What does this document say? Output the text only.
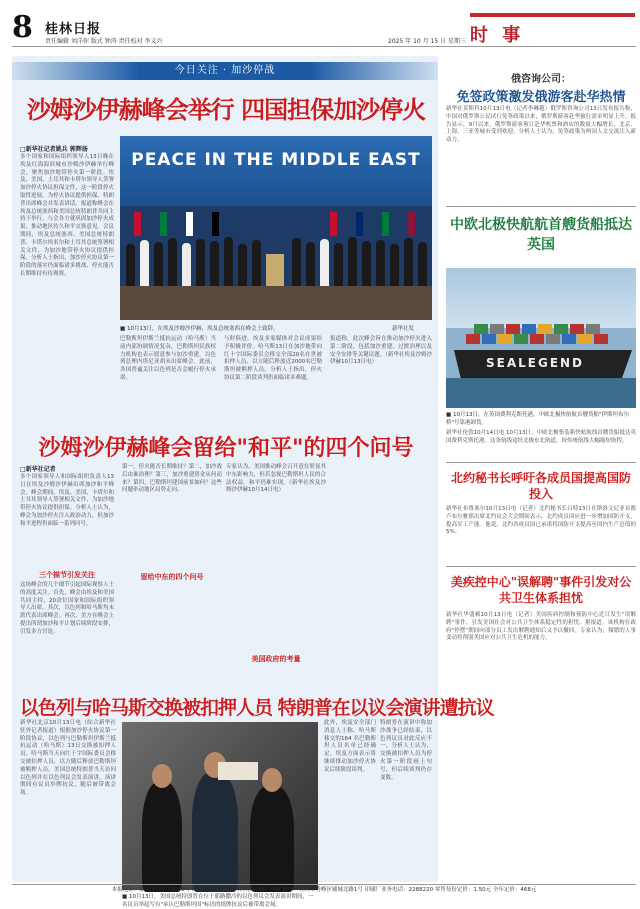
8 桂林日报
责任编辑 刘洋你 版式 钟涛 责任校对 李义兴	2025 年 10 月 15 日 星期三 时 事
今日关注 · 加沙停战
沙姆沙伊赫峰会举行 四国担保加沙停火
□新华社记者姚兵 郭辉扬
多个国家和国际组织领导人13日晚在埃及红海海滨城市沙姆沙伊赫举行峰会，聚焦加沙地带停火第一阶段。埃及、美国、土耳其和卡塔尔领导人签署加沙停火协议担保文件，这一阶段停火取得进展，为停火协议提供担保。特朗普出席峰会并发表讲话。报道称峰会在埃及总统塞西和美国总统特朗普共同主持下举行，与会各方就巩固加沙停火成果、推动地区持久和平交换意见。会议期间，埃及总统塞西、美国总统特朗普、卡塔尔埃米尔和土耳其总统签署相关文件，为加沙地带停火协议提供担保。分析人士指出，加沙停火协议第一阶段的落实仍面临诸多挑战，停火能否长期维持有待观察。
PEACE IN THE MIDDLE EAST
■ 10月13日，在埃及沙姆沙伊赫，埃及总统塞西在峰会上致辞。	新华社发
巴勒斯坦伊斯兰抵抗运动（哈马斯）当前内部协调情况复杂，巴勒斯坦民族权力机构也表示愿意参与加沙重建。以色列总理内塔尼亚胡未出席峰会。此前，各国普遍关注以色列是否会履行停火承诺。
与时俱进，埃及多家媒体对会议成果给予积极评价。哈马斯13日在加沙地带向红十字国际委员会移交全部20名在世被扣押人员，以方随后释放近2000名巴勒斯坦被羁押人员。分析人士指出，停火协议第二阶段谈判仍面临诸多难题。
报道称，此次峰会旨在推动加沙停火进入第二阶段，包括加沙重建、过渡治理以及安全安排等关键议题。（新华社埃及沙姆沙伊赫10月13日电）
沙姆沙伊赫峰会留给"和平"的四个问号
□新华社记者
多个国家领导人和国际组织负责人13日在埃及沙姆沙伊赫出席加沙和平峰会。峰会期间，埃及、美国、卡塔尔和土耳其领导人签署相关文件，为加沙地带停火协议提供担保。分析人士认为，峰会为加沙停火注入政治动力，但加沙和平进程仍面临一系列问号。
三个描节引发关注
这场峰会的几个细节引起国际观察人士的高度关注。首先，峰会由埃及和美国共同主持，20余位国家和国际组织领导人出席。其次，以色列和哈马斯均未派代表出席峰会。再次，美方在峰会上提出所谓加沙和平计划后续阶段安排，引发多方讨论。
留给中东的四个问号
第一，停火能否长期维持？第二，加沙战后由谁治理？第三，加沙重建资金从何而来？第四，巴勒斯坦建国前景如何？这些问题牵动地区局势走向。
美国政府的考量
专家认为，美国推动峰会召开意在彰显其中东影响力，但若忽视巴勒斯坦人民的合法权益，和平仍难实现。（新华社埃及沙姆沙伊赫10月14日电）
以色列与哈马斯交换被扣押人员 特朗普在以议会演讲遭抗议
新华社北京10月13日电（综合新华社驻外记者报道）根据加沙停火协议第一阶段协议，以色列与巴勒斯坦伊斯兰抵抗运动（哈马斯）13日交换被扣押人员。哈马斯当天向红十字国际委员会移交被扣押人员，以方随后释放巴勒斯坦被羁押人员。美国总统特朗普当天访问以色列并在以色列议会发表演讲，演讲期间有议员举牌抗议，随后被带离会场。
■ 10月13日，美国总统特朗普在位于耶路撒冷的以色列议会发表演讲期间，一名议员举起写有"承认巴勒斯坦国"标语的纸牌抗议后被带离会场。
此外，埃及安全部门消息人士称，哈马斯移交的164 名巴勒斯坦人员名单已经确定。埃及方面表示将继续推动加沙停火协议后续阶段谈判。
特朗普在演讲中称加沙战争已经结束，以色列议员对此反应不一。分析人士认为，交换被扣押人员为停火第一阶段画上句号，但后续谈判仍存变数。
俄咨询公司：
免签政策激发俄游客赴华热情
新华社莫斯科10月13日电（记者李琳越）俄罗斯咨询公司13日发布报告称，中国对俄罗斯公民试行免签政策以来，俄罗斯游客赴华旅行需求明显上升。报告显示，9月以来，俄罗斯游客预订赴华机票和酒店的数量大幅增长，北京、上海、三亚等城市受到欢迎。分析人士认为，免签政策为两国人文交流注入新动力。
中欧北极快航航首艘货船抵达英国
SEALEGEND
■ 10月13日，在英国费利克斯托港，中欧北极快航航首艘货船"伊斯坦布尔桥"号靠港卸货。
新华社伦敦10月14日电 10月13日，中欧北极集装箱快航航线首艘货船抵达英国费利克斯托港。这条航线途经北极东北航道，较传统航线大幅缩短航程。
北约秘书长呼吁各成员国提高国防投入
新华社布鲁塞尔10月13日电（记者）北约秘书长吕特13日在斯洛文尼亚首都卢布尔雅那出席北约议会大会期间表示，北约成员国应进一步增加国防开支，提高军工产能。他说，北约各成员国已承诺将国防开支提高至国内生产总值的5%。
美疾控中心"误解聘"事件引发对公共卫生体系担忧
新华社华盛顿10月13日电（记者）美国疾病控制和预防中心近日发生"误解聘"事件，引发美国社会对公共卫生体系稳定性的担忧。据报道，该机构在政府"停摆"期间向部分员工发出解聘通知后又予以撤回。专家认为，频繁的人事变动将削弱美国应对公共卫生危机的能力。
本报地址：临桂区山水大道49号 邮编：541199 桂林日报印刷厂印刷 地址：桂林市秀峰区辅城北路1号 印刷厂业务电话：2288220 零售每份定价：1.50元 全年定价：468元
